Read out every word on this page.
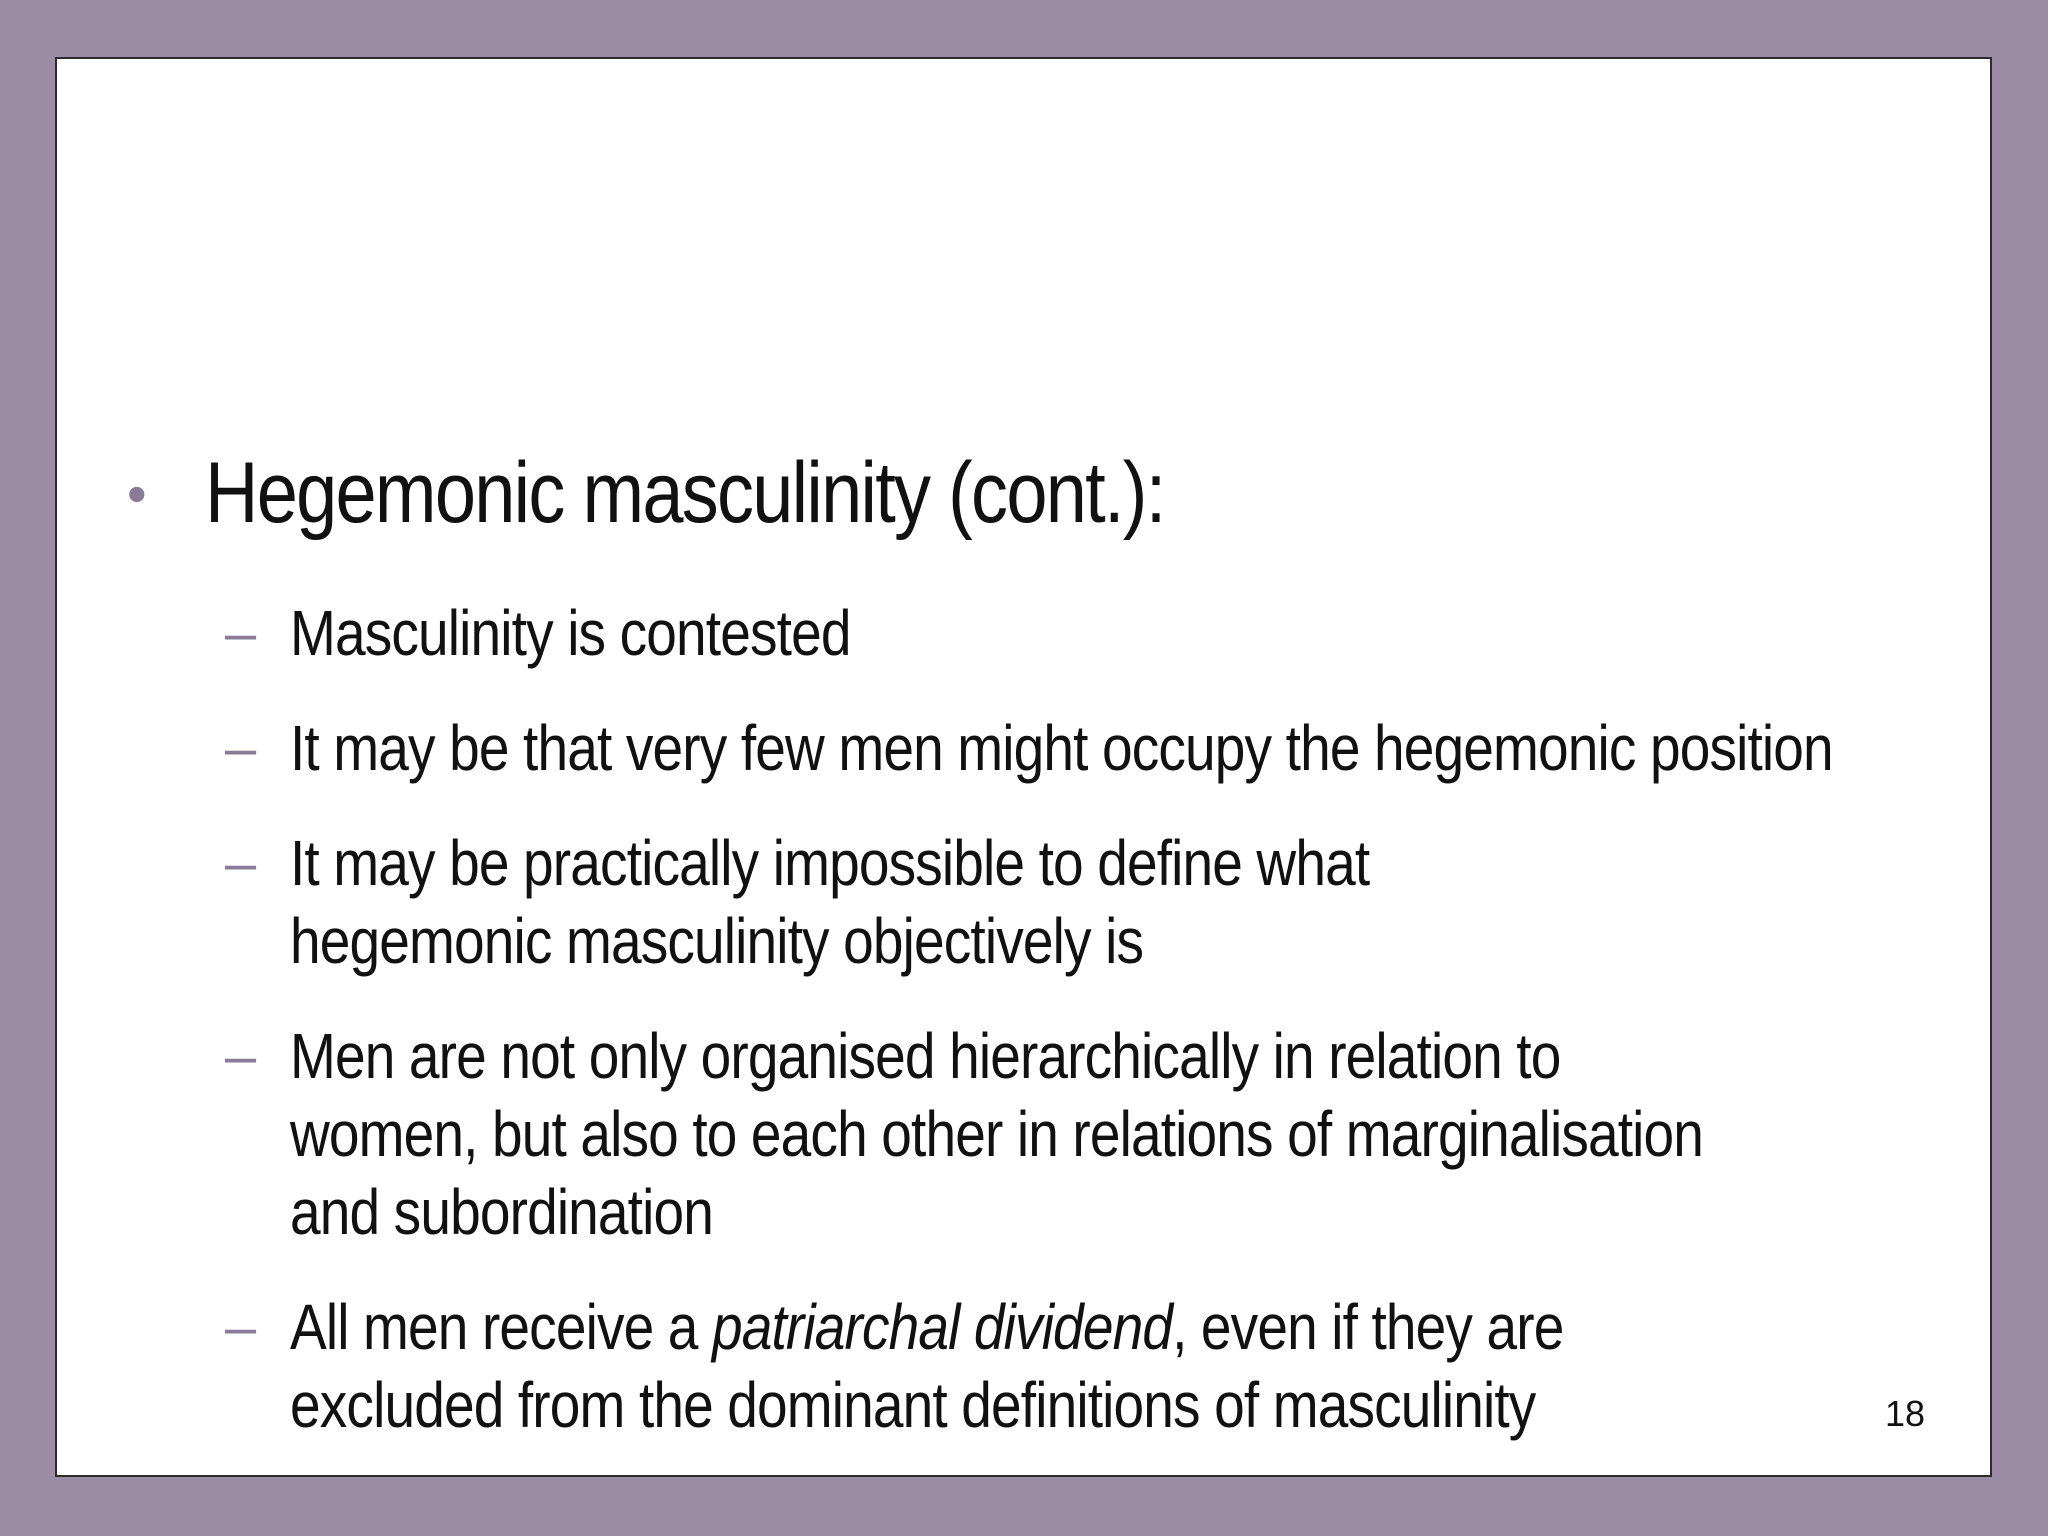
• Hegemonic masculinity (cont.):
– Masculinity is contested
– It may be that very few men might occupy the hegemonic position
– It may be practically impossible to define what hegemonic masculinity objectively is
– Men are not only organised hierarchically in relation to women, but also to each other in relations of marginalisation and subordination
– All men receive a patriarchal dividend, even if they are excluded from the dominant definitions of masculinity	18
